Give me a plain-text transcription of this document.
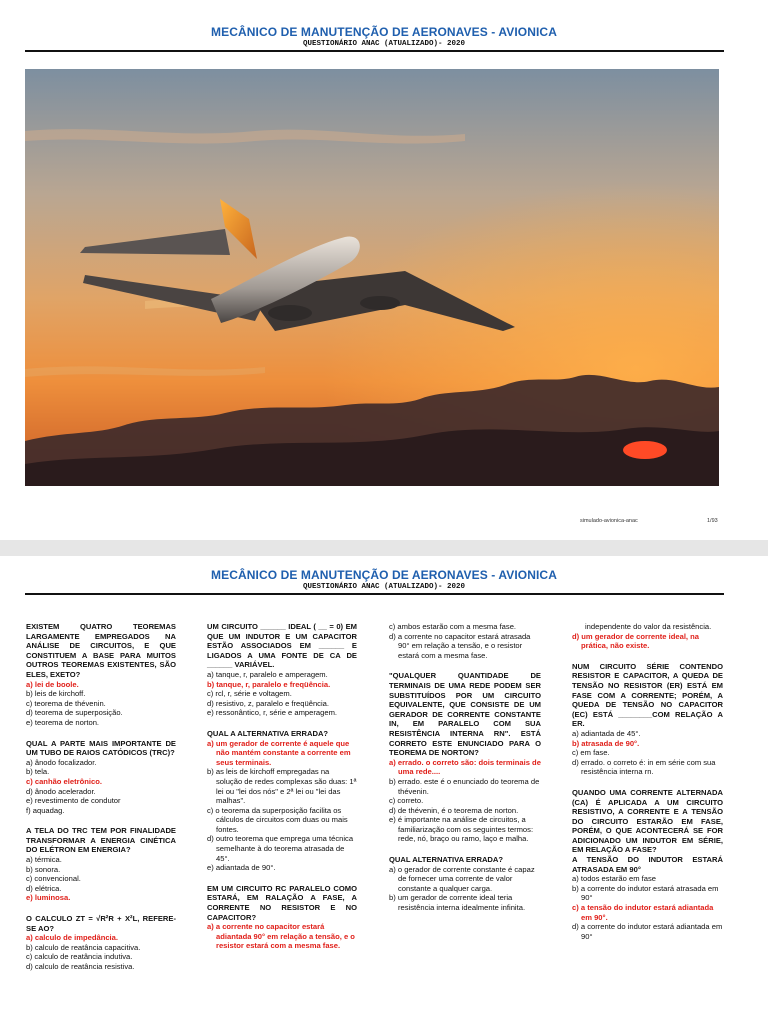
MECÂNICO DE MANUTENÇÃO DE AERONAVES - AVIONICA
QUESTIONÁRIO ANAC (ATUALIZADO)- 2020
simulado-avionica-anac	1/93
MECÂNICO DE MANUTENÇÃO DE AERONAVES - AVIONICA
QUESTIONÁRIO ANAC (ATUALIZADO)- 2020

EXISTEM QUATRO TEOREMAS LARGAMENTE EMPREGADOS NA ANÁLISE DE CIRCUITOS, E QUE CONSTITUEM A BASE PARA MUITOS OUTROS TEOREMAS EXISTENTES, SÃO ELES, EXETO?

a) lei de boole.

b) leis de kirchoff.

c) teorema de thévenin.

d) teorema de superposição.

e) teorema de norton.

QUAL A PARTE MAIS IMPORTANTE DE UM TUBO DE RAIOS CATÓDICOS (TRC)?

a) ânodo focalizador.

b) tela.

c) canhão eletrônico.

d) ânodo acelerador.

e) revestimento de condutor

f) aquadag.

A TELA DO TRC TEM POR FINALIDADE TRANSFORMAR A ENERGIA CINÉTICA DO ELÉTRON EM ENERGIA?

a) térmica.

b) sonora.

c) convencional.

d) elétrica.

e) luminosa.

O CALCULO ZT = √R²R + X²L, REFERE-SE AO?

a) calculo de impedância.

b) calculo de reatância capacitiva.

c) calculo de reatância indutiva.

d) calculo de reatância resistiva.

UM CIRCUITO ______ IDEAL ( __ = 0) EM QUE UM INDUTOR E UM CAPACITOR ESTÃO ASSOCIADOS EM ______ E LIGADOS A UMA FONTE DE CA DE ______ VARIÁVEL.

a) tanque, r, paralelo e amperagem.

b) tanque, r, paralelo e freqüência.

c) rcl, r, série e voltagem.

d) resistivo, z, paralelo e freqüência.

e) ressonântico, r, série e amperagem.

QUAL A ALTERNATIVA ERRADA?

a) um gerador de corrente é aquele que não mantém constante a corrente em seus terminais.

b) as leis de kirchoff empregadas na solução de redes complexas são duas: 1ª lei ou "lei dos nós" e 2ª lei ou "lei das malhas".

c) o teorema da superposição facilita os cálculos de circuitos com duas ou mais fontes.

d) outro teorema que emprega uma técnica semelhante à do teorema atrasada de 45°.

e) adiantada de 90°.

EM UM CIRCUITO RC PARALELO COMO ESTARÁ, EM RALAÇÃO A FASE, A CORRENTE NO RESISTOR E NO CAPACITOR?

a) a corrente no capacitor estará adiantada 90° em relação a tensão, e o resistor estará com a mesma fase.

c) ambos estarão com a mesma fase.

d) a corrente no capacitor estará atrasada 90° em relação a tensão, e o resistor estará com a mesma fase.

"QUALQUER QUANTIDADE DE TERMINAIS DE UMA REDE PODEM SER SUBSTITUÍDOS POR UM CIRCUITO EQUIVALENTE, QUE CONSISTE DE UM GERADOR DE CORRENTE CONSTANTE IN, EM PARALELO COM SUA RESISTÊNCIA INTERNA RN". ESTÁ CORRETO ESTE ENUNCIADO PARA O TEOREMA DE NORTON?

a) errado. o correto são: dois terminais de uma rede....

b) errado. este é o enunciado do teorema de thévenin.

c) correto.

d) de thévenin, é o teorema de norton.

e) é importante na análise de circuitos, a familiarização com os seguintes termos: rede, nó, braço ou ramo, laço e malha.

QUAL ALTERNATIVA ERRADA?

a) o gerador de corrente constante é capaz de fornecer uma corrente de valor constante a qualquer carga.

b) um gerador de corrente ideal teria resistência interna idealmente infinita.

independente do valor da resistência.

d) um gerador de corrente ideal, na prática, não existe.

NUM CIRCUITO SÉRIE CONTENDO RESISTOR E CAPACITOR, A QUEDA DE TENSÃO NO RESISTOR (ER) ESTÁ EM FASE COM A CORRENTE; PORÉM, A QUEDA DE TENSÃO NO CAPACITOR (EC) ESTÁ ________COM RELAÇÃO A ER.

a) adiantada de 45°.

b) atrasada de 90°.

c) em fase.

d) errado. o correto é: in em série com sua resistência interna rn.

QUANDO UMA CORRENTE ALTERNADA (CA) É APLICADA A UM CIRCUITO RESISTIVO, A CORRENTE E A TENSÃO DO CIRCUITO ESTARÃO EM FASE, PORÉM, O QUE ACONTECERÁ SE FOR ADICIONADO UM INDUTOR EM SÉRIE, EM RELAÇÃO A FASE?

A TENSÃO DO INDUTOR ESTARÁ ATRASADA EM 90°

a) todos estarão em fase

b) a corrente do indutor estará atrasada em 90°

c) a tensão do indutor estará adiantada em 90°.

d) a corrente do indutor estará adiantada em 90°
